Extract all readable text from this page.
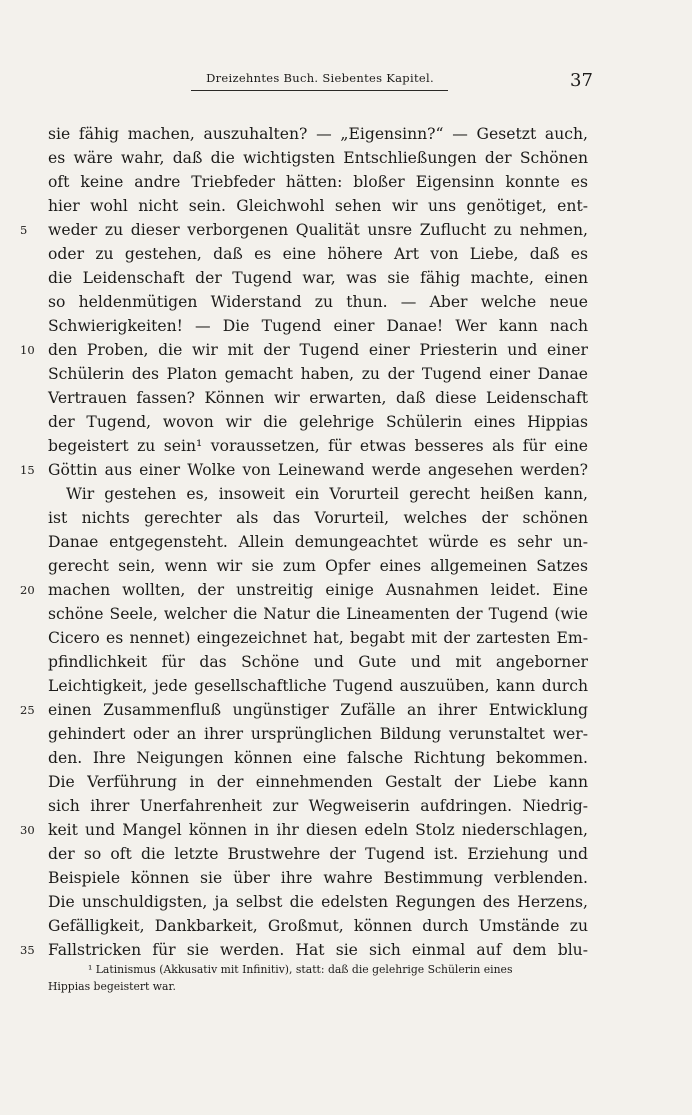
Dreizehntes Buch. Siebentes Kapitel.	37
sie fähig machen, auszuhalten? — „Eigensinn?“ — Gesetzt auch,
es wäre wahr, daß die wichtigsten Entschließungen der Schönen
oft keine andre Triebfeder hätten: bloßer Eigensinn konnte es
hier wohl nicht sein. Gleichwohl sehen wir uns genötiget, ent-
5	weder zu dieser verborgenen Qualität unsre Zuflucht zu nehmen,
oder zu gestehen, daß es eine höhere Art von Liebe, daß es
die Leidenschaft der Tugend war, was sie fähig machte, einen
so heldenmütigen Widerstand zu thun. — Aber welche neue
Schwierigkeiten! — Die Tugend einer Danae! Wer kann nach
10 den Proben, die wir mit der Tugend einer Priesterin und einer
Schülerin des Platon gemacht haben, zu der Tugend einer Danae
Vertrauen fassen? Können wir erwarten, daß diese Leidenschaft
der Tugend, wovon wir die gelehrige Schülerin eines Hippias
begeistert zu sein¹ voraussetzen, für etwas besseres als für eine
15 Göttin aus einer Wolke von Leinewand werde angesehen werden?
Wir gestehen es, insoweit ein Vorurteil gerecht heißen kann,
ist nichts gerechter als das Vorurteil, welches der schönen
Danae entgegensteht. Allein demungeachtet würde es sehr un-
gerecht sein, wenn wir sie zum Opfer eines allgemeinen Satzes
20 machen wollten, der unstreitig einige Ausnahmen leidet. Eine
schöne Seele, welcher die Natur die Lineamenten der Tugend (wie
Cicero es nennet) eingezeichnet hat, begabt mit der zartesten Em-
pfindlichkeit für das Schöne und Gute und mit angeborner
Leichtigkeit, jede gesellschaftliche Tugend auszuüben, kann durch
25 einen Zusammenfluß ungünstiger Zufälle an ihrer Entwicklung
gehindert oder an ihrer ursprünglichen Bildung verunstaltet wer-
den. Ihre Neigungen können eine falsche Richtung bekommen.
Die Verführung in der einnehmenden Gestalt der Liebe kann
sich ihrer Unerfahrenheit zur Wegweiserin aufdringen. Niedrig-
30 keit und Mangel können in ihr diesen edeln Stolz niederschlagen,
der so oft die letzte Brustwehre der Tugend ist. Erziehung und
Beispiele können sie über ihre wahre Bestimmung verblenden.
Die unschuldigsten, ja selbst die edelsten Regungen des Herzens,
Gefälligkeit, Dankbarkeit, Großmut, können durch Umstände zu
35 Fallstricken für sie werden. Hat sie sich einmal auf dem blu-
¹ Latinismus (Akkusativ mit Infinitiv), statt: daß die gelehrige Schülerin eines
Hippias begeistert war.
